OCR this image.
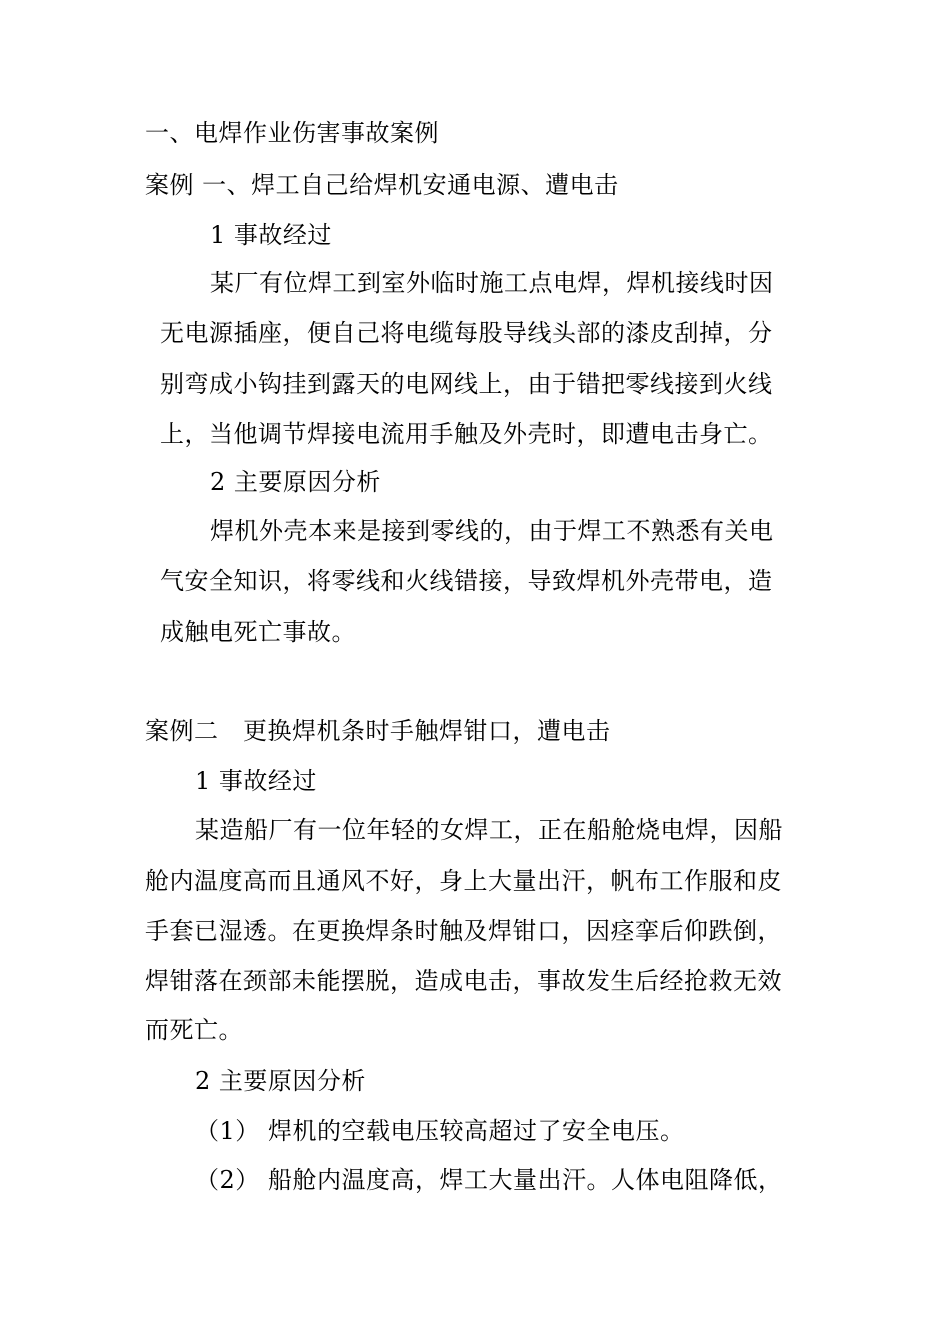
一、电焊作业伤害事故案例
案例 一、焊工自己给焊机安通电源、遭电击
1 事故经过
某厂有位焊工到室外临时施工点电焊，焊机接线时因
无电源插座，便自己将电缆每股导线头部的漆皮刮掉，分
别弯成小钩挂到露天的电网线上，由于错把零线接到火线
上，当他调节焊接电流用手触及外壳时，即遭电击身亡。
2 主要原因分析
焊机外壳本来是接到零线的，由于焊工不熟悉有关电
气安全知识，将零线和火线错接，导致焊机外壳带电，造
成触电死亡事故。
案例二　更换焊机条时手触焊钳口，遭电击
1 事故经过
某造船厂有一位年轻的女焊工，正在船舱烧电焊，因船
舱内温度高而且通风不好，身上大量出汗，帆布工作服和皮
手套已湿透。在更换焊条时触及焊钳口，因痉挛后仰跌倒，
焊钳落在颈部未能摆脱，造成电击，事故发生后经抢救无效
而死亡。
2 主要原因分析
（1） 焊机的空载电压较高超过了安全电压。
（2） 船舱内温度高，焊工大量出汗。人体电阻降低，
